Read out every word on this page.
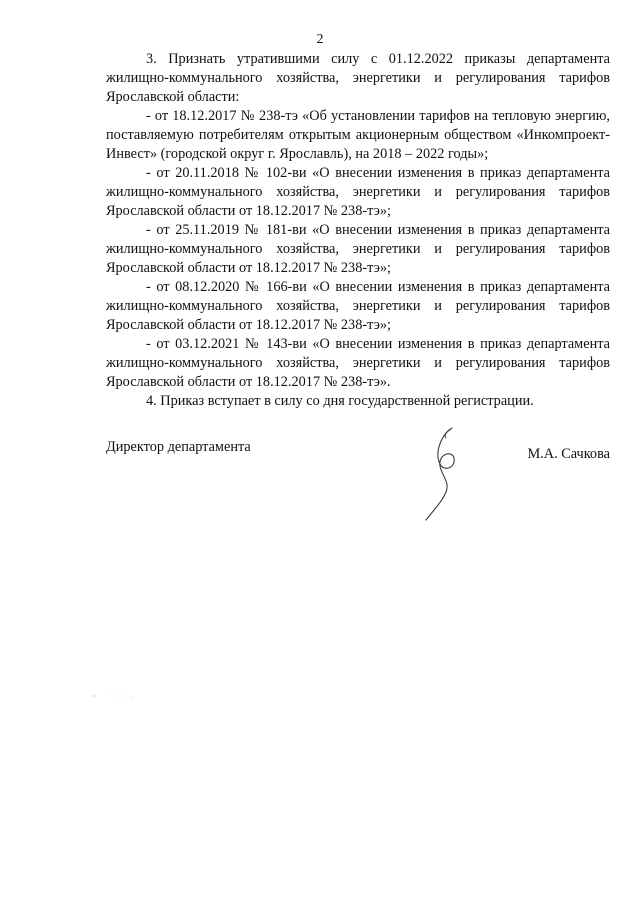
2

3. Признать утратившими силу с 01.12.2022 приказы департамента жилищно-коммунального хозяйства, энергетики и регулирования тарифов Ярославской области:

- от 18.12.2017 № 238-тэ «Об установлении тарифов на тепловую энергию, поставляемую потребителям открытым акционерным обществом «Инкомпроект-Инвест» (городской округ г. Ярославль), на 2018 – 2022 годы»;

- от 20.11.2018 № 102-ви «О внесении изменения в приказ департамента жилищно-коммунального хозяйства, энергетики и регулирования тарифов Ярославской области от 18.12.2017 № 238-тэ»;

- от 25.11.2019 № 181-ви «О внесении изменения в приказ департамента жилищно-коммунального хозяйства, энергетики и регулирования тарифов Ярославской области от 18.12.2017 № 238-тэ»;

- от 08.12.2020 № 166-ви «О внесении изменения в приказ департамента жилищно-коммунального хозяйства, энергетики и регулирования тарифов Ярославской области от 18.12.2017 № 238-тэ»;

- от 03.12.2021 № 143-ви «О внесении изменения в приказ департамента жилищно-коммунального хозяйства, энергетики и регулирования тарифов Ярославской области от 18.12.2017 № 238-тэ».

4. Приказ вступает в силу со дня государственной регистрации.

Директор департамента	М.А. Сачкова
